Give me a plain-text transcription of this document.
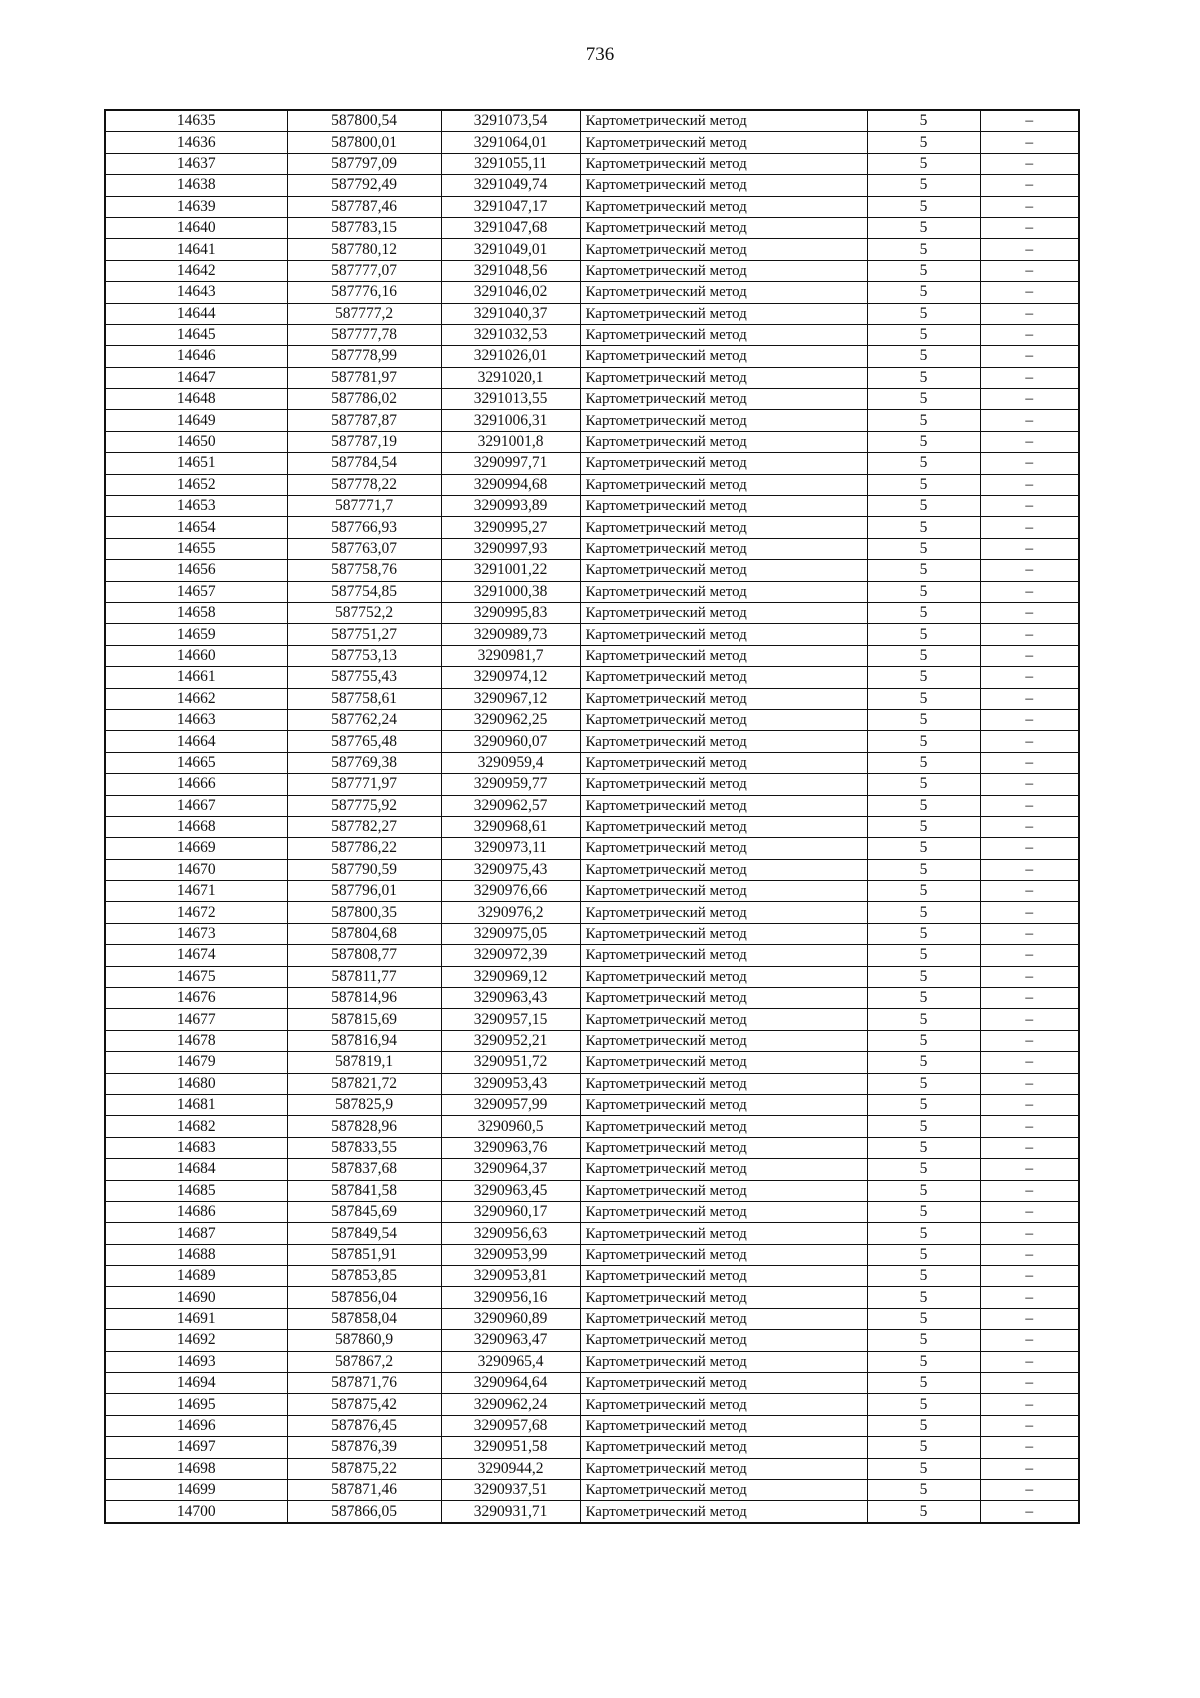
736
14635	587800,54	3291073,54	Картометрический метод	5	–
14636	587800,01	3291064,01	Картометрический метод	5	–
14637	587797,09	3291055,11	Картометрический метод	5	–
14638	587792,49	3291049,74	Картометрический метод	5	–
14639	587787,46	3291047,17	Картометрический метод	5	–
14640	587783,15	3291047,68	Картометрический метод	5	–
14641	587780,12	3291049,01	Картометрический метод	5	–
14642	587777,07	3291048,56	Картометрический метод	5	–
14643	587776,16	3291046,02	Картометрический метод	5	–
14644	587777,2	3291040,37	Картометрический метод	5	–
14645	587777,78	3291032,53	Картометрический метод	5	–
14646	587778,99	3291026,01	Картометрический метод	5	–
14647	587781,97	3291020,1	Картометрический метод	5	–
14648	587786,02	3291013,55	Картометрический метод	5	–
14649	587787,87	3291006,31	Картометрический метод	5	–
14650	587787,19	3291001,8	Картометрический метод	5	–
14651	587784,54	3290997,71	Картометрический метод	5	–
14652	587778,22	3290994,68	Картометрический метод	5	–
14653	587771,7	3290993,89	Картометрический метод	5	–
14654	587766,93	3290995,27	Картометрический метод	5	–
14655	587763,07	3290997,93	Картометрический метод	5	–
14656	587758,76	3291001,22	Картометрический метод	5	–
14657	587754,85	3291000,38	Картометрический метод	5	–
14658	587752,2	3290995,83	Картометрический метод	5	–
14659	587751,27	3290989,73	Картометрический метод	5	–
14660	587753,13	3290981,7	Картометрический метод	5	–
14661	587755,43	3290974,12	Картометрический метод	5	–
14662	587758,61	3290967,12	Картометрический метод	5	–
14663	587762,24	3290962,25	Картометрический метод	5	–
14664	587765,48	3290960,07	Картометрический метод	5	–
14665	587769,38	3290959,4	Картометрический метод	5	–
14666	587771,97	3290959,77	Картометрический метод	5	–
14667	587775,92	3290962,57	Картометрический метод	5	–
14668	587782,27	3290968,61	Картометрический метод	5	–
14669	587786,22	3290973,11	Картометрический метод	5	–
14670	587790,59	3290975,43	Картометрический метод	5	–
14671	587796,01	3290976,66	Картометрический метод	5	–
14672	587800,35	3290976,2	Картометрический метод	5	–
14673	587804,68	3290975,05	Картометрический метод	5	–
14674	587808,77	3290972,39	Картометрический метод	5	–
14675	587811,77	3290969,12	Картометрический метод	5	–
14676	587814,96	3290963,43	Картометрический метод	5	–
14677	587815,69	3290957,15	Картометрический метод	5	–
14678	587816,94	3290952,21	Картометрический метод	5	–
14679	587819,1	3290951,72	Картометрический метод	5	–
14680	587821,72	3290953,43	Картометрический метод	5	–
14681	587825,9	3290957,99	Картометрический метод	5	–
14682	587828,96	3290960,5	Картометрический метод	5	–
14683	587833,55	3290963,76	Картометрический метод	5	–
14684	587837,68	3290964,37	Картометрический метод	5	–
14685	587841,58	3290963,45	Картометрический метод	5	–
14686	587845,69	3290960,17	Картометрический метод	5	–
14687	587849,54	3290956,63	Картометрический метод	5	–
14688	587851,91	3290953,99	Картометрический метод	5	–
14689	587853,85	3290953,81	Картометрический метод	5	–
14690	587856,04	3290956,16	Картометрический метод	5	–
14691	587858,04	3290960,89	Картометрический метод	5	–
14692	587860,9	3290963,47	Картометрический метод	5	–
14693	587867,2	3290965,4	Картометрический метод	5	–
14694	587871,76	3290964,64	Картометрический метод	5	–
14695	587875,42	3290962,24	Картометрический метод	5	–
14696	587876,45	3290957,68	Картометрический метод	5	–
14697	587876,39	3290951,58	Картометрический метод	5	–
14698	587875,22	3290944,2	Картометрический метод	5	–
14699	587871,46	3290937,51	Картометрический метод	5	–
14700	587866,05	3290931,71	Картометрический метод	5	–
